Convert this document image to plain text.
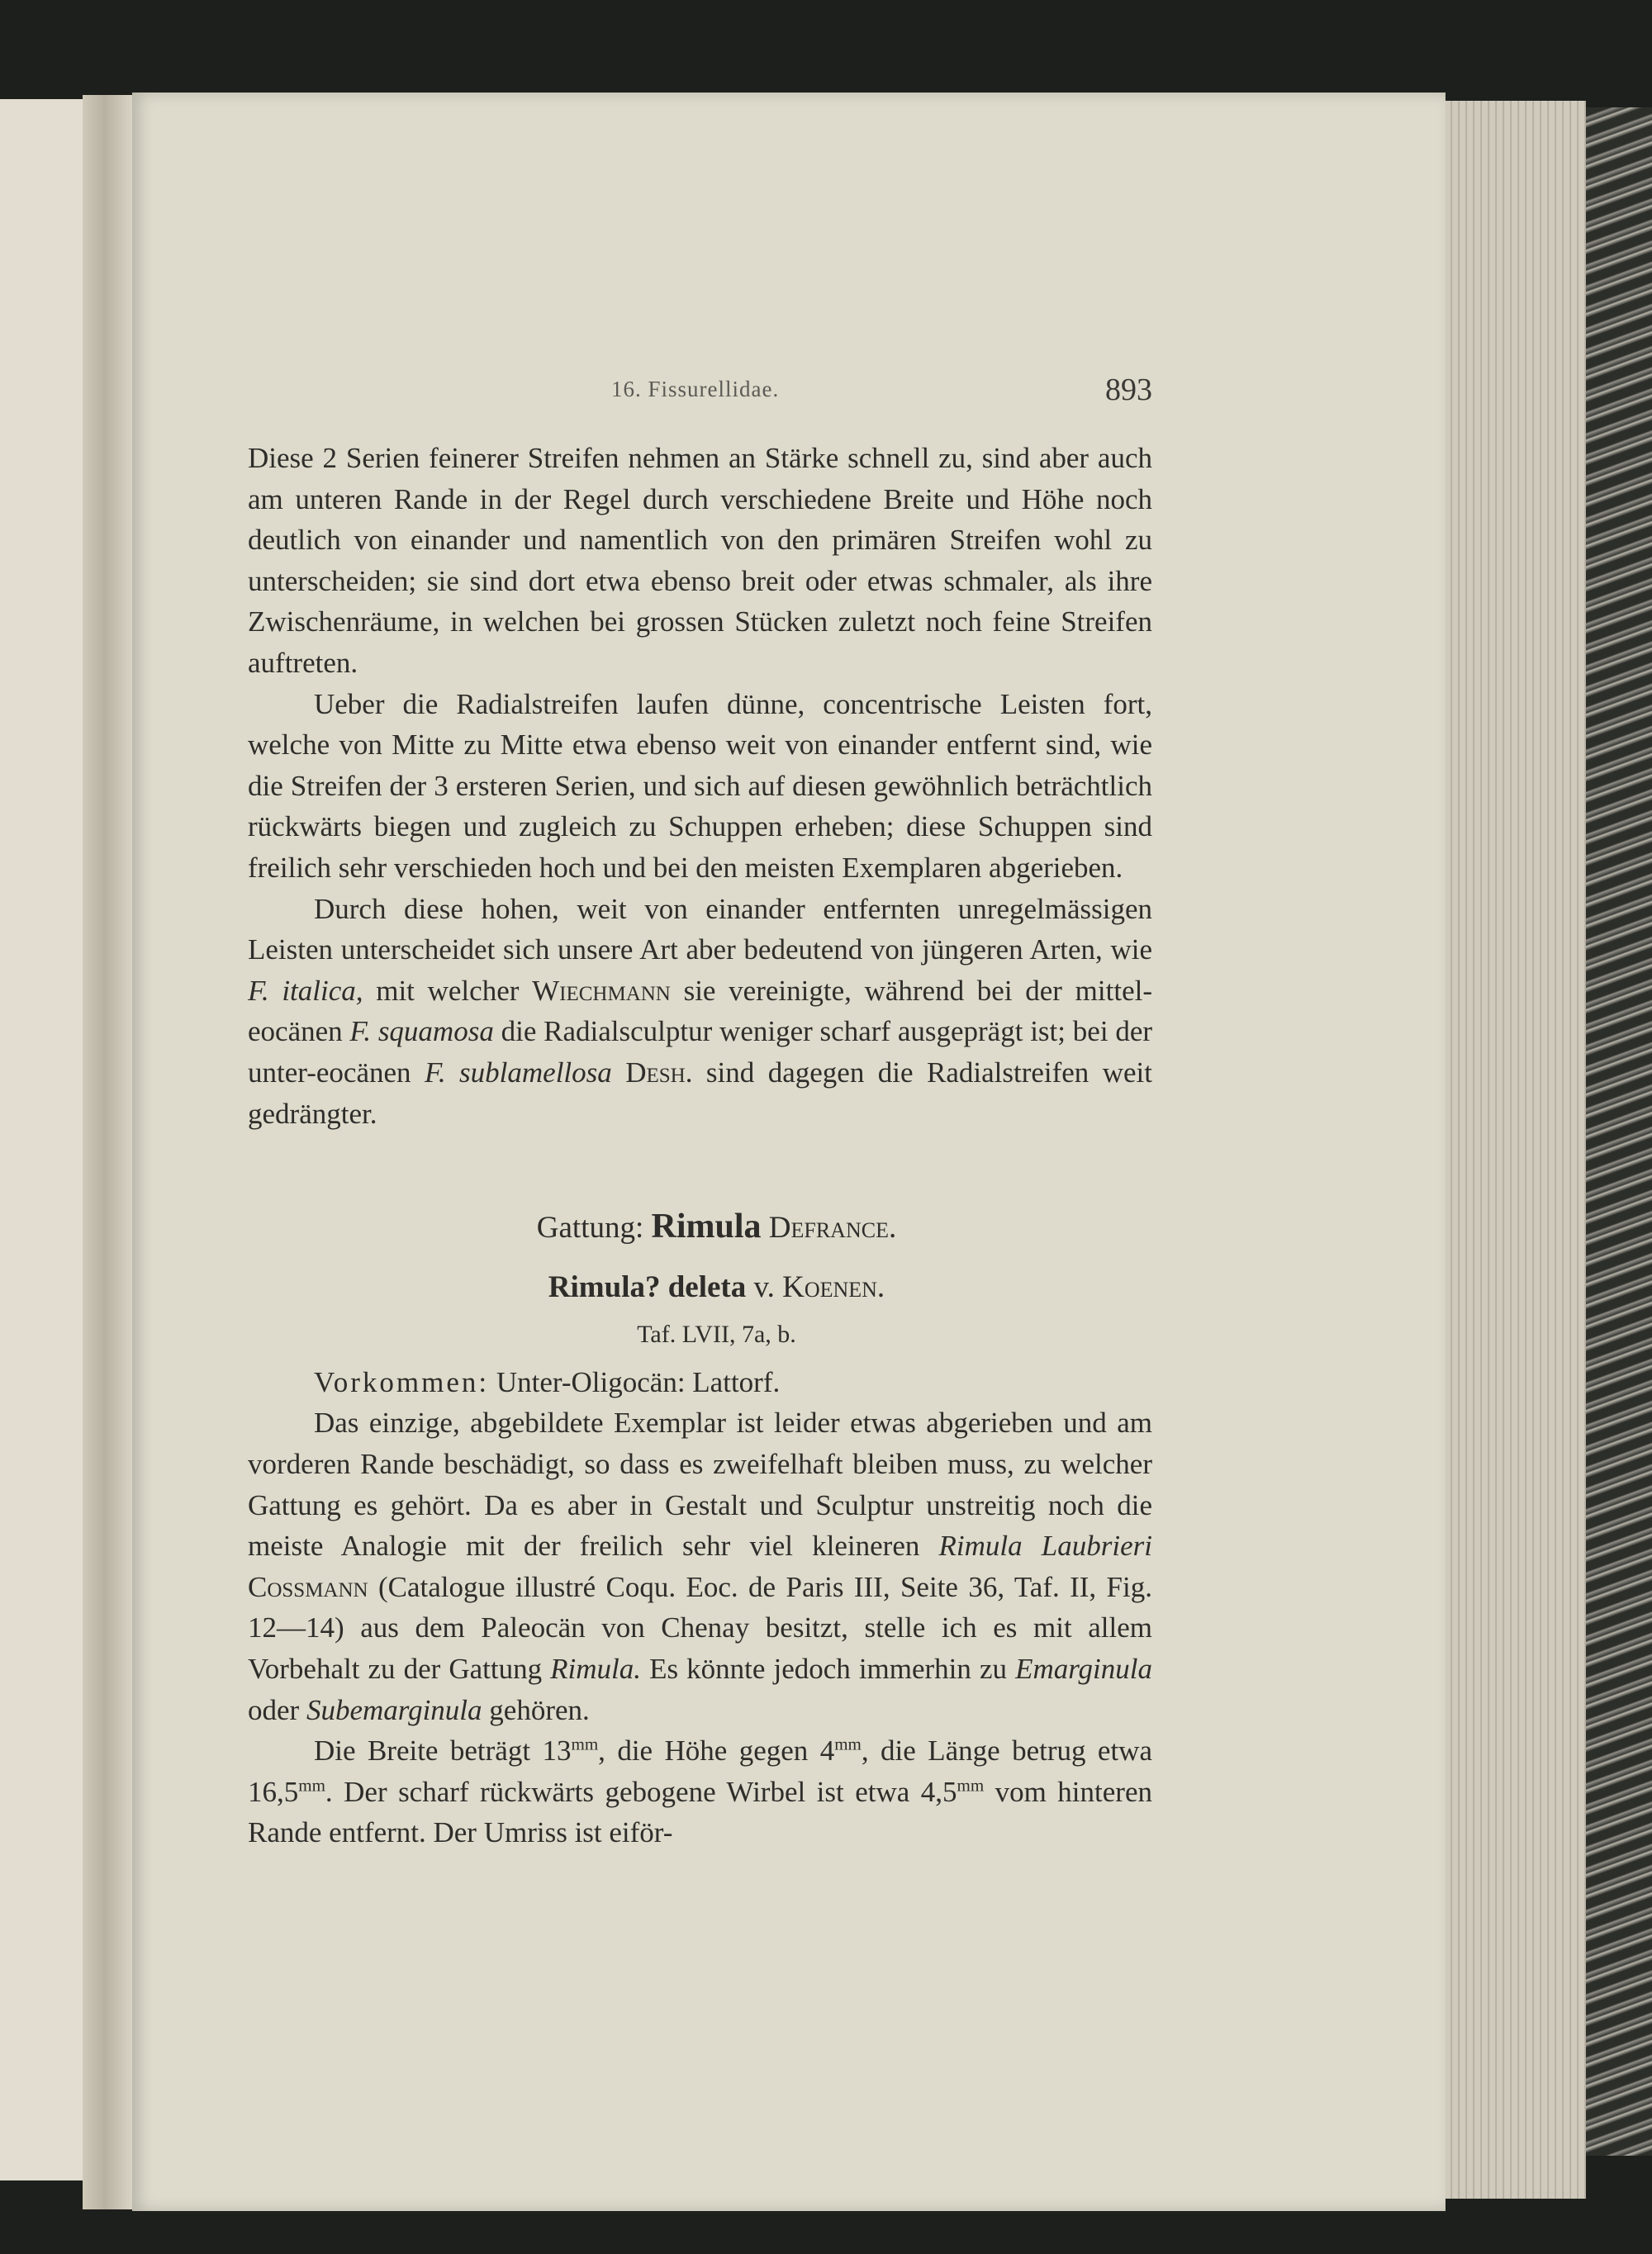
16. Fissurellidae.	893

Diese 2 Serien feinerer Streifen nehmen an Stärke schnell zu, sind aber auch am unteren Rande in der Regel durch verschiedene Breite und Höhe noch deutlich von einander und namentlich von den primären Streifen wohl zu unterscheiden; sie sind dort etwa ebenso breit oder etwas schmaler, als ihre Zwischenräume, in welchen bei grossen Stücken zuletzt noch feine Streifen auftreten.

Ueber die Radialstreifen laufen dünne, concentrische Leisten fort, welche von Mitte zu Mitte etwa ebenso weit von einander entfernt sind, wie die Streifen der 3 ersteren Serien, und sich auf diesen gewöhnlich beträchtlich rückwärts biegen und zugleich zu Schuppen erheben; diese Schuppen sind freilich sehr verschieden hoch und bei den meisten Exemplaren abgerieben.

Durch diese hohen, weit von einander entfernten unregelmässigen Leisten unterscheidet sich unsere Art aber bedeutend von jüngeren Arten, wie F. italica, mit welcher Wiechmann sie vereinigte, während bei der mittel-eocänen F. squamosa die Radialsculptur weniger scharf ausgeprägt ist; bei der unter-eocänen F. sublamellosa Desh. sind dagegen die Radialstreifen weit gedrängter.

Gattung: Rimula Defrance.
Rimula? deleta v. Koenen.
Taf. LVII, 7a, b.

Vorkommen: Unter-Oligocän: Lattorf.

Das einzige, abgebildete Exemplar ist leider etwas abgerieben und am vorderen Rande beschädigt, so dass es zweifelhaft bleiben muss, zu welcher Gattung es gehört. Da es aber in Gestalt und Sculptur unstreitig noch die meiste Analogie mit der freilich sehr viel kleineren Rimula Laubrieri Cossmann (Catalogue illustré Coqu. Eoc. de Paris III, Seite 36, Taf. II, Fig. 12—14) aus dem Paleocän von Chenay besitzt, stelle ich es mit allem Vorbehalt zu der Gattung Rimula. Es könnte jedoch immerhin zu Emarginula oder Subemarginula gehören.

Die Breite beträgt $13^{mm}$, die Höhe gegen $4^{mm}$, die Länge betrug etwa $16,5^{mm}$. Der scharf rückwärts gebogene Wirbel ist etwa $4,5^{mm}$ vom hinteren Rande entfernt. Der Umriss ist eiför-
